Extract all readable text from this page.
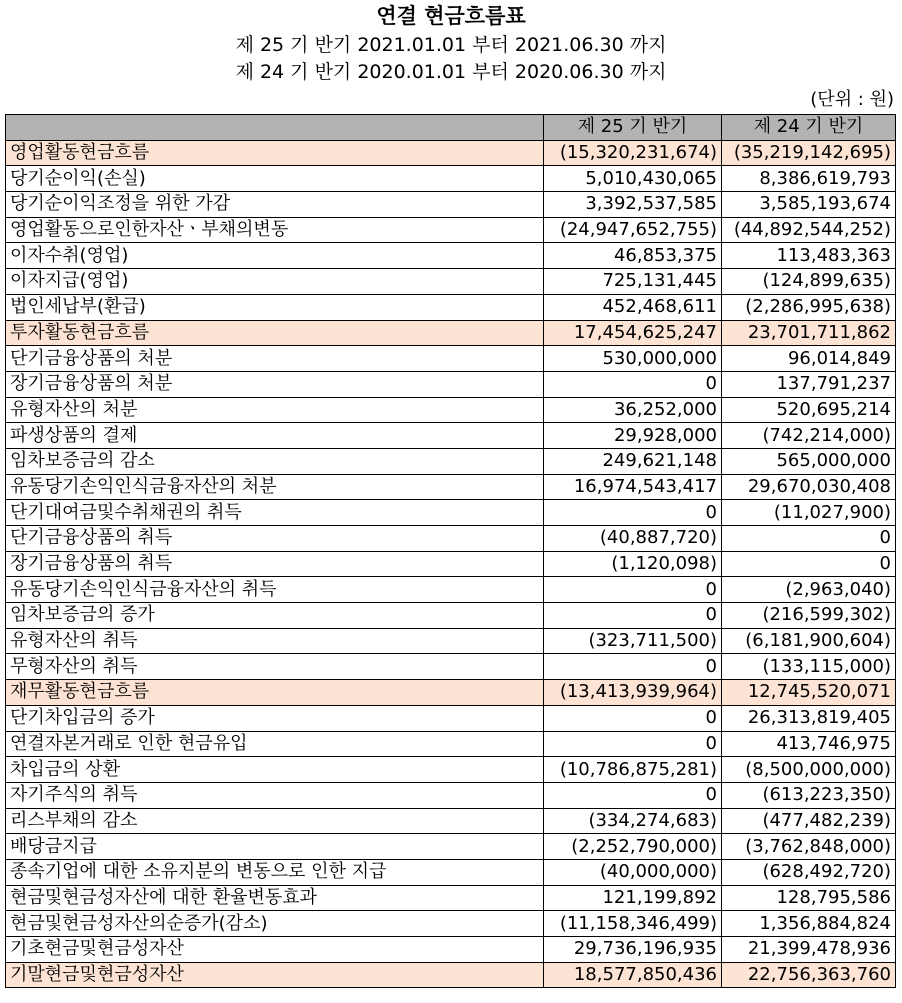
연결 현금흐름표
제 25 기 반기 2021.01.01 부터 2021.06.30 까지
제 24 기 반기 2020.01.01 부터 2020.06.30 까지
(단위 : 원)
	제 25 기 반기	제 24 기 반기
영업활동현금흐름	(15,320,231,674)	(35,219,142,695)
당기순이익(손실)	5,010,430,065	8,386,619,793
당기순이익조정을 위한 가감	3,392,537,585	3,585,193,674
영업활동으로인한자산ㆍ부채의변동	(24,947,652,755)	(44,892,544,252)
이자수취(영업)	46,853,375	113,483,363
이자지급(영업)	725,131,445	(124,899,635)
법인세납부(환급)	452,468,611	(2,286,995,638)
투자활동현금흐름	17,454,625,247	23,701,711,862
단기금융상품의 처분	530,000,000	96,014,849
장기금융상품의 처분	0	137,791,237
유형자산의 처분	36,252,000	520,695,214
파생상품의 결제	29,928,000	(742,214,000)
임차보증금의 감소	249,621,148	565,000,000
유동당기손익인식금융자산의 처분	16,974,543,417	29,670,030,408
단기대여금및수취채권의 취득	0	(11,027,900)
단기금융상품의 취득	(40,887,720)	0
장기금융상품의 취득	(1,120,098)	0
유동당기손익인식금융자산의 취득	0	(2,963,040)
임차보증금의 증가	0	(216,599,302)
유형자산의 취득	(323,711,500)	(6,181,900,604)
무형자산의 취득	0	(133,115,000)
재무활동현금흐름	(13,413,939,964)	12,745,520,071
단기차입금의 증가	0	26,313,819,405
연결자본거래로 인한 현금유입	0	413,746,975
차입금의 상환	(10,786,875,281)	(8,500,000,000)
자기주식의 취득	0	(613,223,350)
리스부채의 감소	(334,274,683)	(477,482,239)
배당금지급	(2,252,790,000)	(3,762,848,000)
종속기업에 대한 소유지분의 변동으로 인한 지급	(40,000,000)	(628,492,720)
현금및현금성자산에 대한 환율변동효과	121,199,892	128,795,586
현금및현금성자산의순증가(감소)	(11,158,346,499)	1,356,884,824
기초현금및현금성자산	29,736,196,935	21,399,478,936
기말현금및현금성자산	18,577,850,436	22,756,363,760
